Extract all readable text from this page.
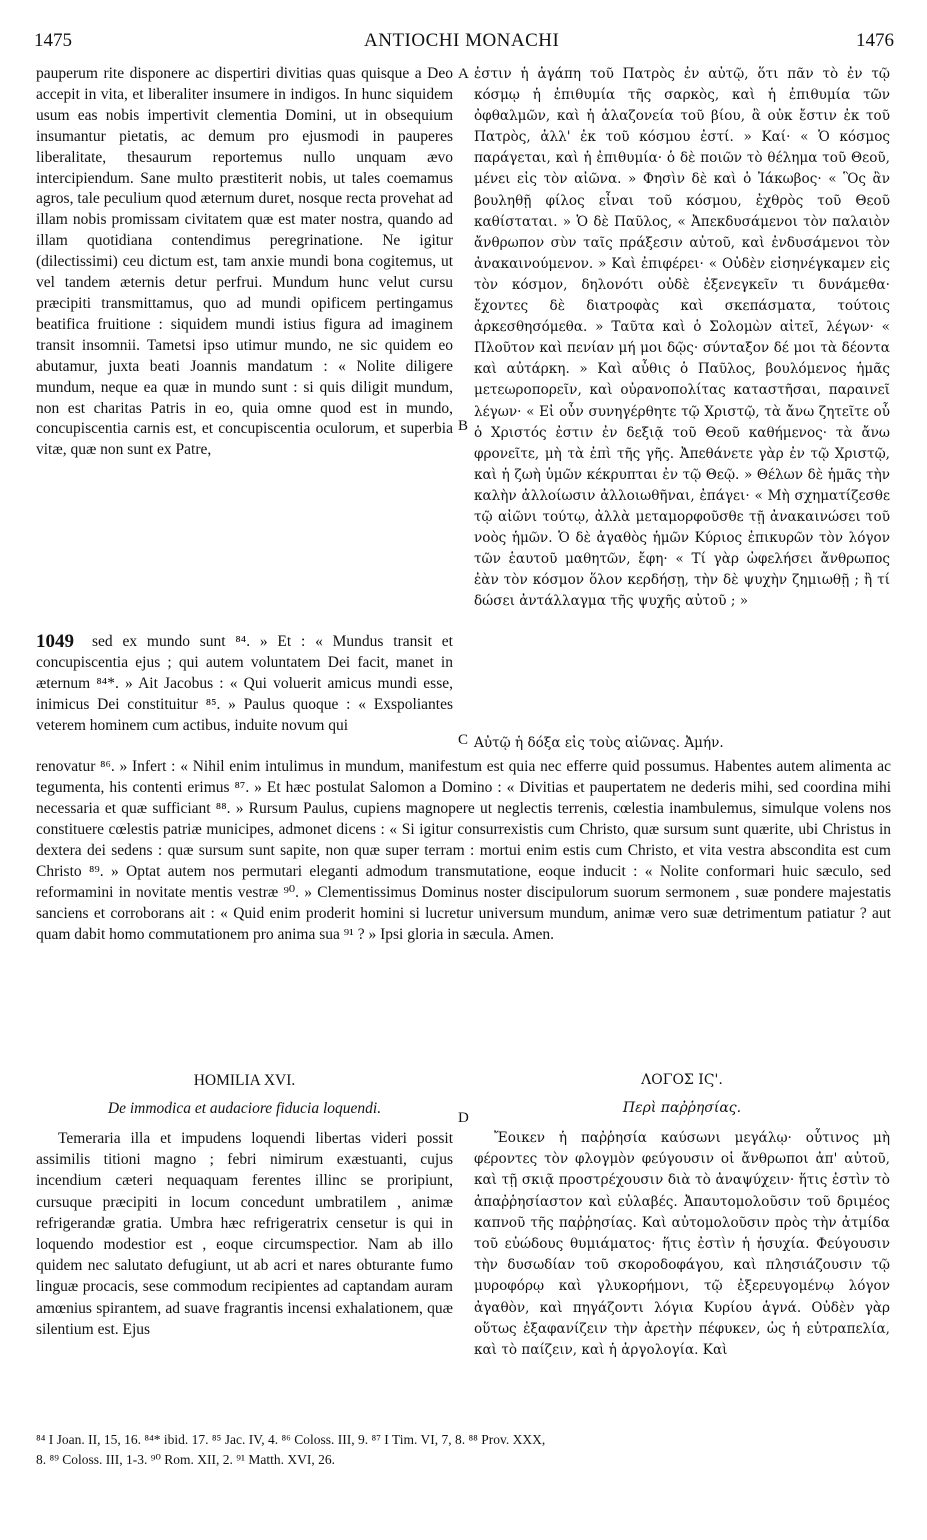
1475	ANTIOCHI MONACHI	1476
pauperum rite disponere ac dispertiri divitias quas quisque a Deo accepit in vita, et liberaliter insumere in indigos. In hunc siquidem usum eas nobis impertivit clementia Domini, ut in obsequium insumantur pietatis, ac demum pro ejusmodi in pauperes liberalitate, thesaurum reportemus nullo unquam ævo intercipiendum. Sane multo præstiterit nobis, ut tales coemamus agros, tale peculium quod æternum duret, nosque recta provehat ad illam nobis promissam civitatem quæ est mater nostra, quando ad illam quotidiana contendimus peregrinatione. Ne igitur (dilectissimi) ceu dictum est, tam anxie mundi bona cogitemus, ut vel tandem æternis detur perfrui. Mundum hunc velut cursu præcipiti transmittamus, quo ad mundi opificem pertingamus beatifica fruitione : siquidem mundi istius figura ad imaginem transit insomnii. Tametsi ipso utimur mundo, ne sic quidem eo abutamur, juxta beati Joannis mandatum : « Nolite diligere mundum, neque ea quæ in mundo sunt : si quis diligit mundum, non est charitas Patris in eo, quia omne quod est in mundo, concupiscentia carnis est, et concupiscentia oculorum, et superbia vitæ, quæ non sunt ex Patre,
1049	sed ex mundo sunt ⁸⁴. » Et : « Mundus transit et concupiscentia ejus ; qui autem voluntatem Dei facit, manet in æternum ⁸⁴*. » Ait Jacobus : « Qui voluerit amicus mundi esse, inimicus Dei constituitur ⁸⁵. » Paulus quoque : « Exspoliantes veterem hominem cum actibus, induite novum qui
A
B
C
D
ἐστιν ἡ ἀγάπη τοῦ Πατρὸς ἐν αὐτῷ, ὅτι πᾶν τὸ ἐν τῷ κόσμῳ ἡ ἐπιθυμία τῆς σαρκὸς, καὶ ἡ ἐπιθυμία τῶν ὀφθαλμῶν, καὶ ἡ ἀλαζονεία τοῦ βίου, ἃ οὐκ ἔστιν ἐκ τοῦ Πατρὸς, ἀλλ' ἐκ τοῦ κόσμου ἐστί. » Καί· « Ὁ κόσμος παράγεται, καὶ ἡ ἐπιθυμία· ὁ δὲ ποιῶν τὸ θέλημα τοῦ Θεοῦ, μένει εἰς τὸν αἰῶνα. » Φησὶν δὲ καὶ ὁ Ἰάκωβος· « Ὃς ἂν βουληθῇ φίλος εἶναι τοῦ κόσμου, ἐχθρὸς τοῦ Θεοῦ καθίσταται. » Ὁ δὲ Παῦλος, « Ἀπεκδυσάμενοι τὸν παλαιὸν ἄνθρωπον σὺν ταῖς πράξεσιν αὐτοῦ, καὶ ἐνδυσάμενοι τὸν ἀνακαινούμενον. » Καὶ ἐπιφέρει· « Οὐδὲν εἰσηνέγκαμεν εἰς τὸν κόσμον, δηλονότι οὐδὲ ἐξενεγκεῖν τι δυνάμεθα· ἔχοντες δὲ διατροφὰς καὶ σκεπάσματα, τούτοις ἀρκεσθησόμεθα. » Ταῦτα καὶ ὁ Σολομὼν αἰτεῖ, λέγων· « Πλοῦτον καὶ πενίαν μή μοι δῷς· σύνταξον δέ μοι τὰ δέοντα καὶ αὐτάρκη. » Καὶ αὖθις ὁ Παῦλος, βουλόμενος ἡμᾶς μετεωροπορεῖν, καὶ οὐρανοπολίτας καταστῆσαι, παραινεῖ λέγων· « Εἰ οὖν συνηγέρθητε τῷ Χριστῷ, τὰ ἄνω ζητεῖτε οὗ ὁ Χριστός ἐστιν ἐν δεξιᾷ τοῦ Θεοῦ καθήμενος· τὰ ἄνω φρονεῖτε, μὴ τὰ ἐπὶ τῆς γῆς. Ἀπεθάνετε γὰρ ἐν τῷ Χριστῷ, καὶ ἡ ζωὴ ὑμῶν κέκρυπται ἐν τῷ Θεῷ. » Θέλων δὲ ἡμᾶς τὴν καλὴν ἀλλοίωσιν ἀλλοιωθῆναι, ἐπάγει· « Μὴ σχηματίζεσθε τῷ αἰῶνι τούτῳ, ἀλλὰ μεταμορφοῦσθε τῇ ἀνακαινώσει τοῦ νοὸς ἡμῶν. Ὁ δὲ ἀγαθὸς ἡμῶν Κύριος ἐπικυρῶν τὸν λόγον τῶν ἑαυτοῦ μαθητῶν, ἔφη· « Τί γὰρ ὠφελήσει ἄνθρωπος ἐὰν τὸν κόσμον ὅλον κερδήσῃ, τὴν δὲ ψυχὴν ζημιωθῇ ; ἢ τί δώσει ἀντάλλαγμα τῆς ψυχῆς αὐτοῦ ; »
Αὐτῷ ἡ δόξα εἰς τοὺς αἰῶνας. Ἀμήν.
renovatur ⁸⁶. » Infert : « Nihil enim intulimus in mundum, manifestum est quia nec efferre quid possumus. Habentes autem alimenta ac tegumenta, his contenti erimus ⁸⁷. » Et hæc postulat Salomon a Domino : « Divitias et paupertatem ne dederis mihi, sed coordina mihi necessaria et quæ sufficiant ⁸⁸. » Rursum Paulus, cupiens magnopere ut neglectis terrenis, cœlestia inambulemus, simulque volens nos constituere cœlestis patriæ municipes, admonet dicens : « Si igitur consurrexistis cum Christo, quæ sursum sunt quærite, ubi Christus in dextera dei sedens : quæ sursum sunt sapite, non quæ super terram : mortui enim estis cum Christo, et vita vestra abscondita est cum Christo ⁸⁹. » Optat autem nos permutari eleganti admodum transmutatione, eoque inducit : « Nolite conformari huic sæculo, sed reformamini in novitate mentis vestræ ⁹⁰. » Clementissimus Dominus noster discipulorum suorum sermonem , suæ pondere majestatis sanciens et corroborans ait : « Quid enim proderit homini si lucretur universum mundum, animæ vero suæ detrimentum patiatur ? aut quam dabit homo commutationem pro anima sua ⁹¹ ? » Ipsi gloria in sæcula. Amen.
HOMILIA XVI.
De immodica et audaciore fiducia loquendi.
ΛΟΓΟΣ ΙϚ'.
Περὶ παῤῥησίας.
Temeraria illa et impudens loquendi libertas videri possit assimilis titioni magno ; febri nimirum exæstuanti, cujus incendium cæteri nequaquam ferentes illinc se proripiunt, cursuque præcipiti in locum concedunt umbratilem , animæ refrigerandæ gratia. Umbra hæc refrigeratrix censetur is qui in loquendo modestior est , eoque circumspectior. Nam ab illo quidem nec salutato defugiunt, ut ab acri et nares obturante fumo linguæ procacis, sese commodum recipientes ad captandam auram amœnius spirantem, ad suave fragrantis incensi exhalationem, quæ silentium est. Ejus
Ἔοικεν ἡ παῤῥησία καύσωνι μεγάλῳ· οὗτινος μὴ φέροντες τὸν φλογμὸν φεύγουσιν οἱ ἄνθρωποι ἀπ' αὐτοῦ, καὶ τῇ σκιᾷ προστρέχουσιν διὰ τὸ ἀναψύχειν· ἥτις ἐστὶν τὸ ἀπαῤῥησίαστον καὶ εὐλαβές. Ἀπαυτομολοῦσιν τοῦ δριμέος καπνοῦ τῆς παῤῥησίας. Καὶ αὐτομολοῦσιν πρὸς τὴν ἀτμίδα τοῦ εὐώδους θυμιάματος· ἥτις ἐστὶν ἡ ἡσυχία. Φεύγουσιν τὴν δυσωδίαν τοῦ σκοροδοφάγου, καὶ πλησιάζουσιν τῷ μυροφόρῳ καὶ γλυκορήμονι, τῷ ἐξερευγομένῳ λόγον ἀγαθὸν, καὶ πηγάζοντι λόγια Κυρίου ἁγνά. Οὐδὲν γὰρ οὕτως ἐξαφανίζειν τὴν ἀρετὴν πέφυκεν, ὡς ἡ εὐτραπελία, καὶ τὸ παίζειν, καὶ ἡ ἀργολογία. Καὶ
⁸⁴ I Joan. II, 15, 16. ⁸⁴* ibid. 17. ⁸⁵ Jac. IV, 4. ⁸⁶ Coloss. III, 9. ⁸⁷ I Tim. VI, 7, 8. ⁸⁸ Prov. XXX,
8. ⁸⁹ Coloss. III, 1-3. ⁹⁰ Rom. XII, 2. ⁹¹ Matth. XVI, 26.
